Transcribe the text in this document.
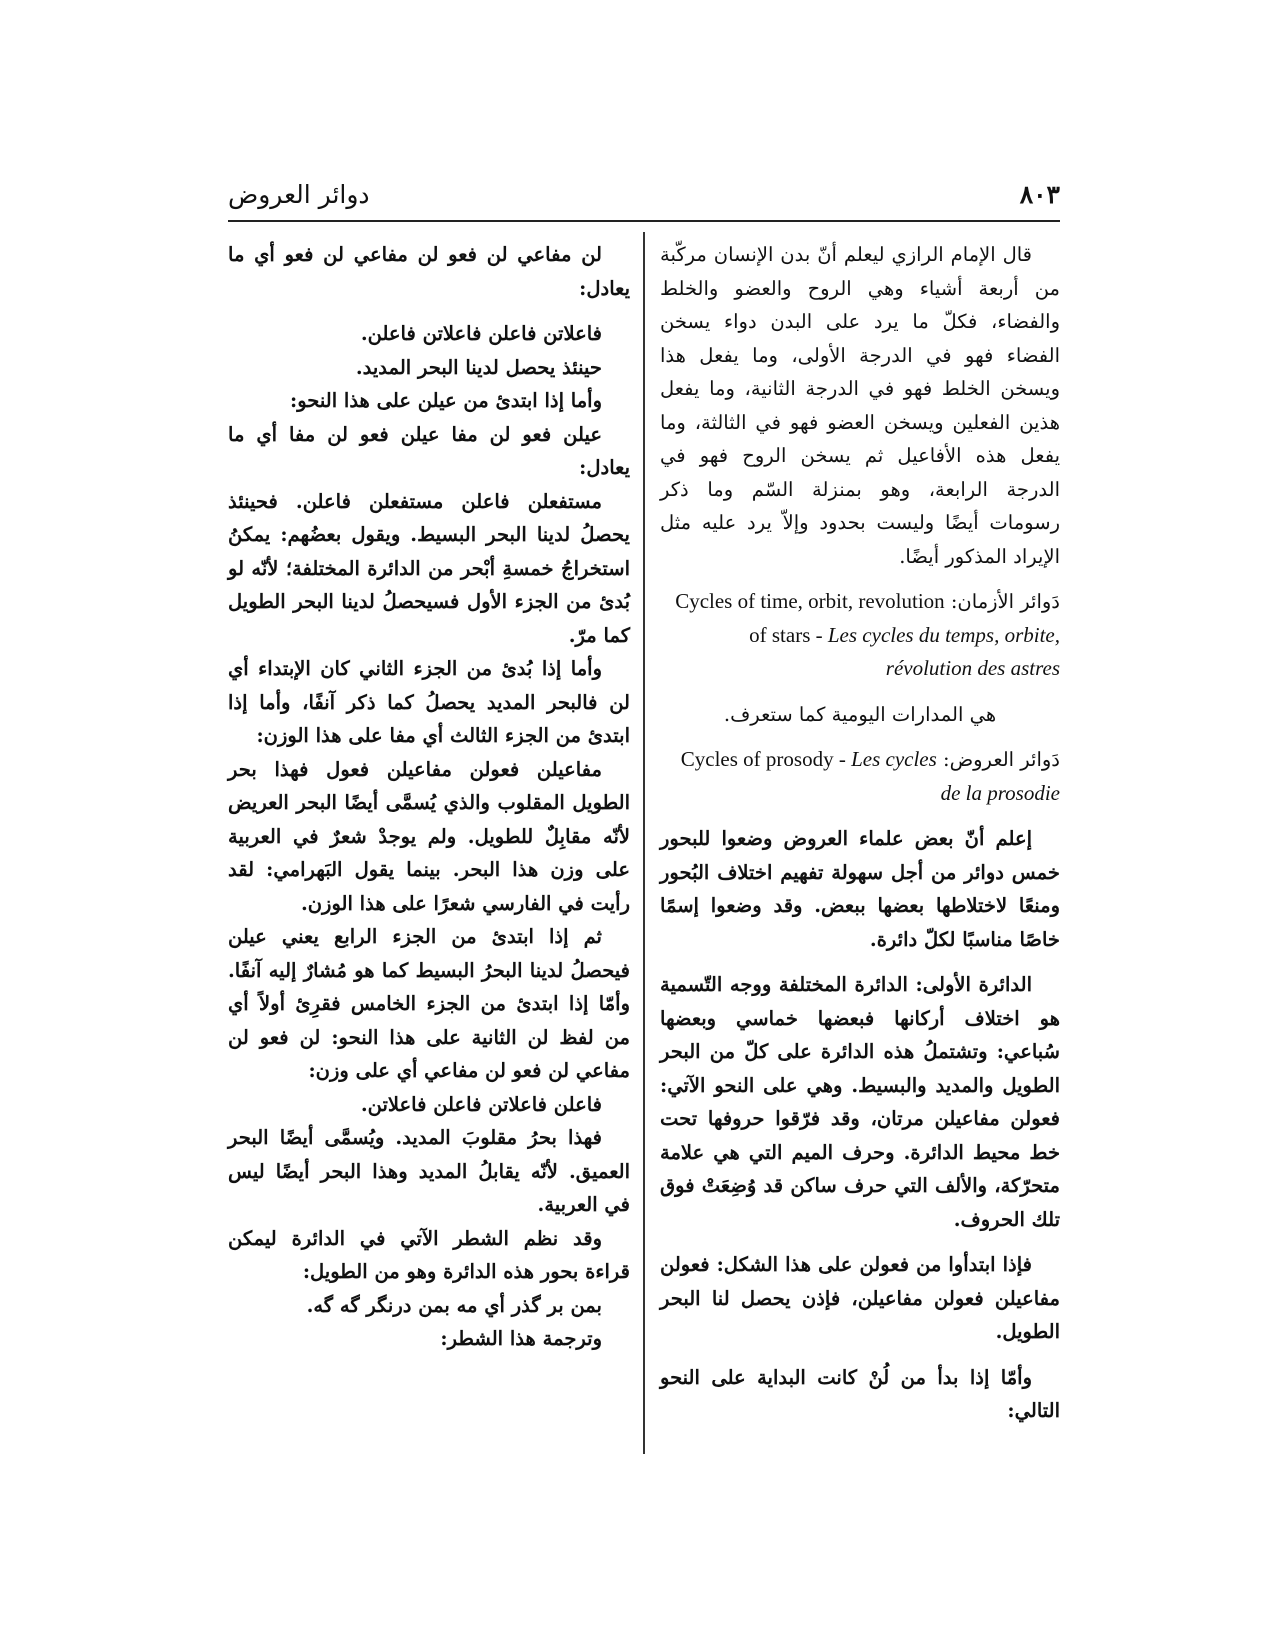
دوائر العروض	٨٠٣

قال الإمام الرازي ليعلم أنّ بدن الإنسان مركّبة من أربعة أشياء وهي الروح والعضو والخلط والفضاء، فكلّ ما يرد على البدن دواء يسخن الفضاء فهو في الدرجة الأولى، وما يفعل هذا ويسخن الخلط فهو في الدرجة الثانية، وما يفعل هذين الفعلين ويسخن العضو فهو في الثالثة، وما يفعل هذه الأفاعيل ثم يسخن الروح فهو في الدرجة الرابعة، وهو بمنزلة السّم وما ذكر رسومات أيضًا وليست بحدود وإلاّ يرد عليه مثل الإيراد المذكور أيضًا.

دَوائر الأزمان: Cycles of time, orbit, revolution of stars - Les cycles du temps, orbite, révolution des astres

هي المدارات اليومية كما ستعرف.

دَوائر العروض: Cycles of prosody - Les cycles de la prosodie

إعلم أنّ بعض علماء العروض وضعوا للبحور خمس دوائر من أجل سهولة تفهيم اختلاف البُحور ومنعًا لاختلاطها بعضها ببعض. وقد وضعوا إسمًا خاصًا مناسبًا لكلّ دائرة.

الدائرة الأولى: الدائرة المختلفة ووجه التّسمية هو اختلاف أركانها فبعضها خماسي وبعضها سُباعي: وتشتملُ هذه الدائرة على كلّ من البحر الطويل والمديد والبسيط. وهي على النحو الآتي: فعولن مفاعيلن مرتان، وقد فرّقوا حروفها تحت خط محيط الدائرة. وحرف الميم التي هي علامة متحرّكة، والألف التي حرف ساكن قد وُضِعَتْ فوق تلك الحروف.

فإذا ابتدأوا من فعولن على هذا الشكل: فعولن مفاعيلن فعولن مفاعيلن، فإذن يحصل لنا البحر الطويل.

وأمّا إذا بدأ من لُنْ كانت البداية على النحو التالي:

لن مفاعي لن فعو لن مفاعي لن فعو أي ما يعادل:

فاعلاتن فاعلن فاعلاتن فاعلن.

حينئذ يحصل لدينا البحر المديد.

وأما إذا ابتدئ من عيلن على هذا النحو:

عيلن فعو لن مفا عيلن فعو لن مفا أي ما يعادل:

مستفعلن فاعلن مستفعلن فاعلن. فحينئذ يحصلُ لدينا البحر البسيط. ويقول بعضُهم: يمكنُ استخراجُ خمسةِ أبْحر من الدائرة المختلفة؛ لأنّه لو بُدئ من الجزء الأول فسيحصلُ لدينا البحر الطويل كما مرّ.

وأما إذا بُدئ من الجزء الثاني كان الإبتداء أي لن فالبحر المديد يحصلُ كما ذكر آنفًا، وأما إذا ابتدئ من الجزء الثالث أي مفا على هذا الوزن:

مفاعيلن فعولن مفاعيلن فعول فهذا بحر الطويل المقلوب والذي يُسمَّى أيضًا البحر العريض لأنّه مقابِلٌ للطويل. ولم يوجدْ شعرٌ في العربية على وزن هذا البحر. بينما يقول البَهرامي: لقد رأيت في الفارسي شعرًا على هذا الوزن.

ثم إذا ابتدئ من الجزء الرابع يعني عيلن فيحصلُ لدينا البحرُ البسيط كما هو مُشارٌ إليه آنفًا. وأمّا إذا ابتدئ من الجزء الخامس فقرِئ أولاً أي من لفظ لن الثانية على هذا النحو: لن فعو لن مفاعي لن فعو لن مفاعي أي على وزن:

فاعلن فاعلاتن فاعلن فاعلاتن.

فهذا بحرُ مقلوبَ المديد. ويُسمَّى أيضًا البحر العميق. لأنّه يقابلُ المديد وهذا البحر أيضًا ليس في العربية.

وقد نظم الشطر الآتي في الدائرة ليمكن قراءة بحور هذه الدائرة وهو من الطويل:

بمن بر گذر أي مه بمن درنگر گه گه.

وترجمة هذا الشطر:
